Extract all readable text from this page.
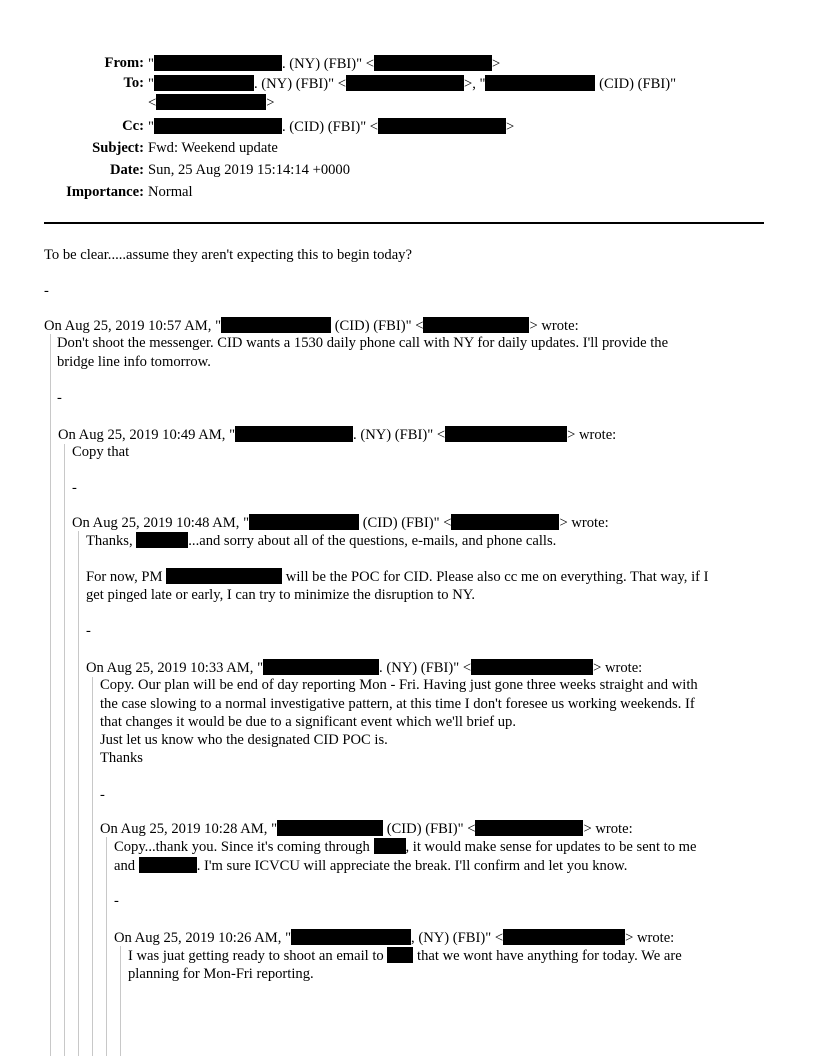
From: "	. (NY) (FBI)" <	>
To: "	. (NY) (FBI)" <	>, "	(CID) (FBI)"
<	>
Cc: "	. (CID) (FBI)" <	>
Subject: Fwd: Weekend update
Date: Sun, 25 Aug 2019 15:14:14 +0000
Importance: Normal
To be clear.....assume they aren't expecting this to begin today?
-
On Aug 25, 2019 10:57 AM, "	(CID) (FBI)" <	> wrote:
Don't shoot the messenger. CID wants a 1530 daily phone call with NY for daily updates. I'll provide the
bridge line info tomorrow.
-
On Aug 25, 2019 10:49 AM, "	. (NY) (FBI)" <	> wrote:
Copy that
-
On Aug 25, 2019 10:48 AM, "	(CID) (FBI)" <	> wrote:
Thanks,	...and sorry about all of the questions, e-mails, and phone calls.
For now, PM	will be the POC for CID. Please also cc me on everything. That way, if I
get pinged late or early, I can try to minimize the disruption to NY.
-
On Aug 25, 2019 10:33 AM, "	. (NY) (FBI)" <	> wrote:
Copy. Our plan will be end of day reporting Mon - Fri. Having just gone three weeks straight and with
the case slowing to a normal investigative pattern, at this time I don't foresee us working weekends. If
that changes it would be due to a significant event which we'll brief up.
Just let us know who the designated CID POC is.
Thanks
-
On Aug 25, 2019 10:28 AM, "	(CID) (FBI)" <	> wrote:
Copy...thank you. Since it's coming through , it would make sense for updates to be sent to me
and	. I'm sure ICVCU will appreciate the break. I'll confirm and let you know.
-
On Aug 25, 2019 10:26 AM, "	, (NY) (FBI)" <	> wrote:
I was juat getting ready to shoot an email to  that we wont have anything for today. We are
planning for Mon-Fri reporting.
